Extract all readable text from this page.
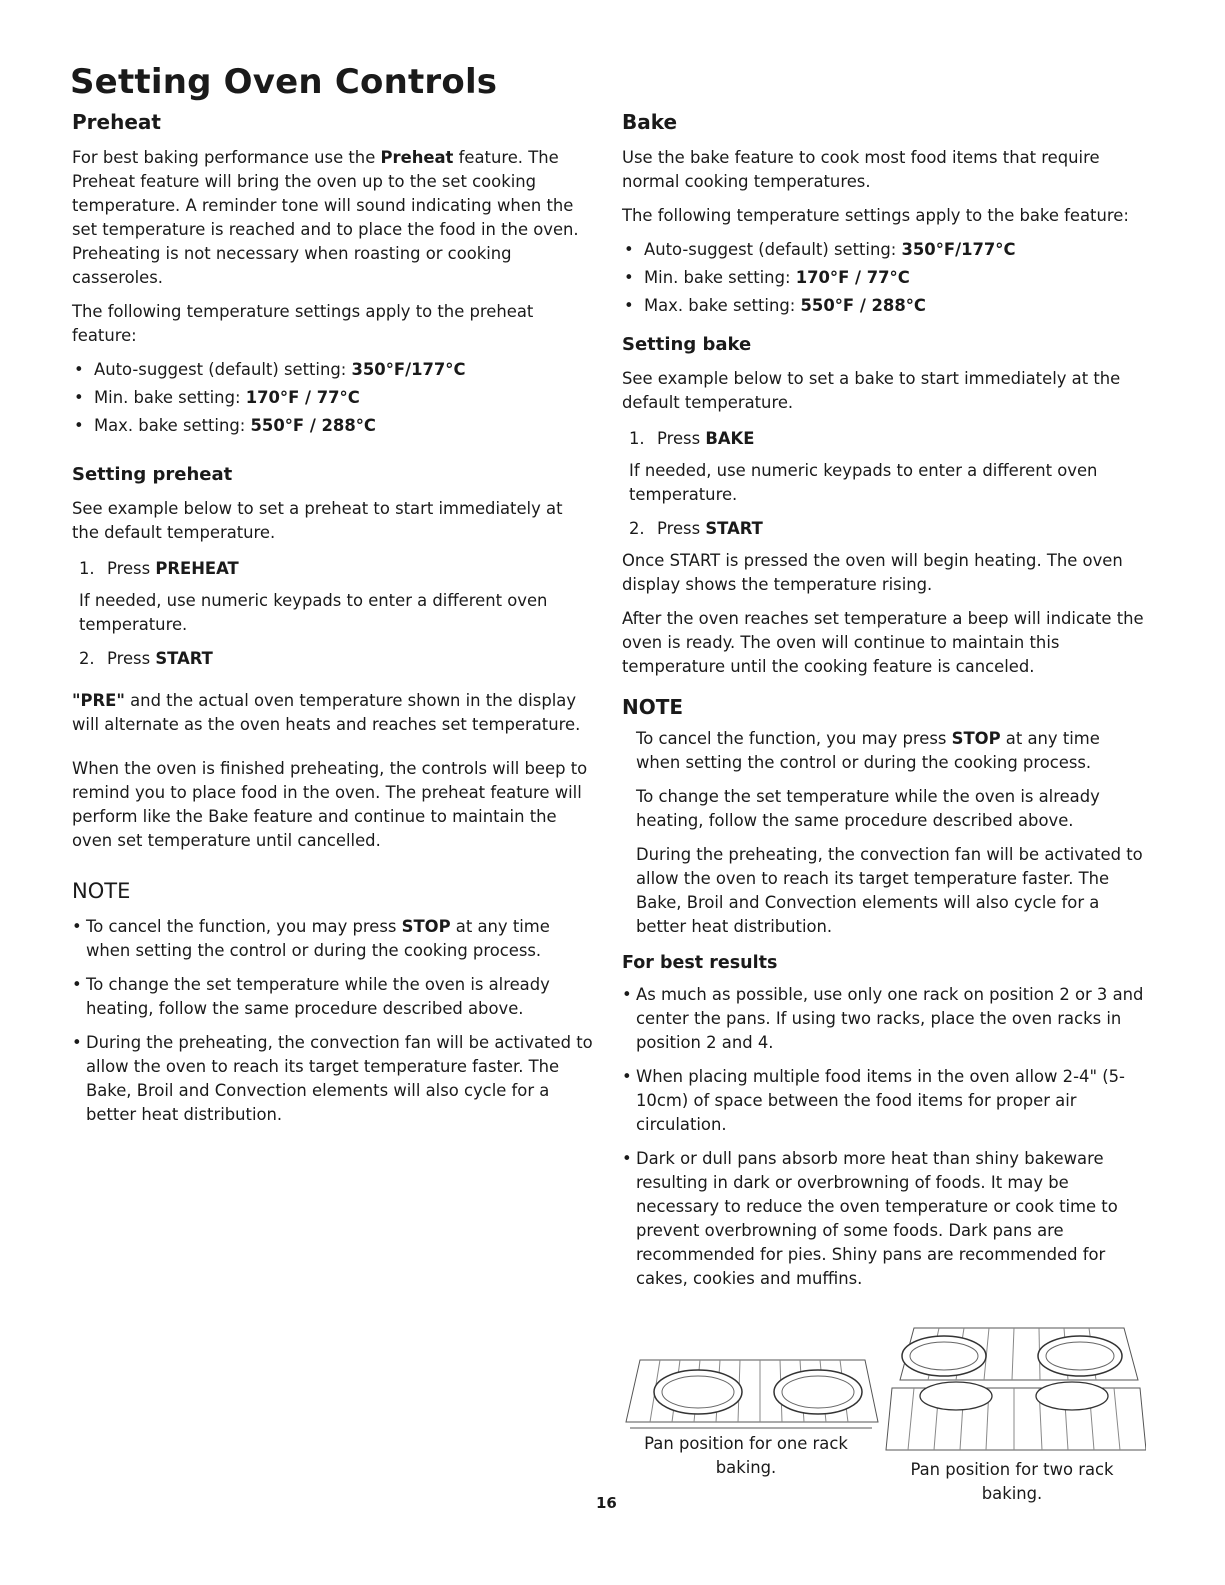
Setting Oven Controls
Preheat

For best baking performance use the Preheat feature. The Preheat feature will bring the oven up to the set cooking temperature. A reminder tone will sound indicating when the set temperature is reached and to place the food in the oven. Preheating is not necessary when roasting or cooking casseroles.

The following temperature settings apply to the preheat feature:

• Auto-suggest (default) setting: 350°F/177°C
• Min. bake setting: 170°F / 77°C
• Max. bake setting: 550°F / 288°C
Setting preheat

See example below to set a preheat to start immediately at the default temperature.

1. Press PREHEAT

If needed, use numeric keypads to enter a different oven temperature.

2. Press START

"PRE" and the actual oven temperature shown in the display will alternate as the oven heats and reaches set temperature.

When the oven is finished preheating, the controls will beep to remind you to place food in the oven. The preheat feature will perform like the Bake feature and continue to maintain the oven set temperature until cancelled.

NOTE
• To cancel the function, you may press STOP at any time when setting the control or during the cooking process.
• To change the set temperature while the oven is already heating, follow the same procedure described above.
• During the preheating, the convection fan will be activated to allow the oven to reach its target temperature faster. The Bake, Broil and Convection elements will also cycle for a better heat distribution.
Bake

Use the bake feature to cook most food items that require normal cooking temperatures.

The following temperature settings apply to the bake feature:

• Auto-suggest (default) setting: 350°F/177°C
• Min. bake setting: 170°F / 77°C
• Max. bake setting: 550°F / 288°C
Setting bake

See example below to set a bake to start immediately at the default temperature.

1. Press BAKE

If needed, use numeric keypads to enter a different oven temperature.

2. Press START

Once START is pressed the oven will begin heating. The oven display shows the temperature rising.

After the oven reaches set temperature a beep will indicate the oven is ready. The oven will continue to maintain this temperature until the cooking feature is canceled.

NOTE

To cancel the function, you may press STOP at any time when setting the control or during the cooking process.

To change the set temperature while the oven is already heating, follow the same procedure described above.

During the preheating, the convection fan will be activated to allow the oven to reach its target temperature faster. The Bake, Broil and Convection elements will also cycle for a better heat distribution.

For best results
• As much as possible, use only one rack on position 2 or 3 and center the pans. If using two racks, place the oven racks in position 2 and 4.
• When placing multiple food items in the oven allow 2-4" (5-10cm) of space between the food items for proper air circulation.
• Dark or dull pans absorb more heat than shiny bakeware resulting in dark or overbrowning of foods. It may be necessary to reduce the oven temperature or cook time to prevent overbrowning of some foods. Dark pans are recommended for pies. Shiny pans are recommended for cakes, cookies and muffins.
Pan position for one rack baking.	Pan position for two rack baking.
16
